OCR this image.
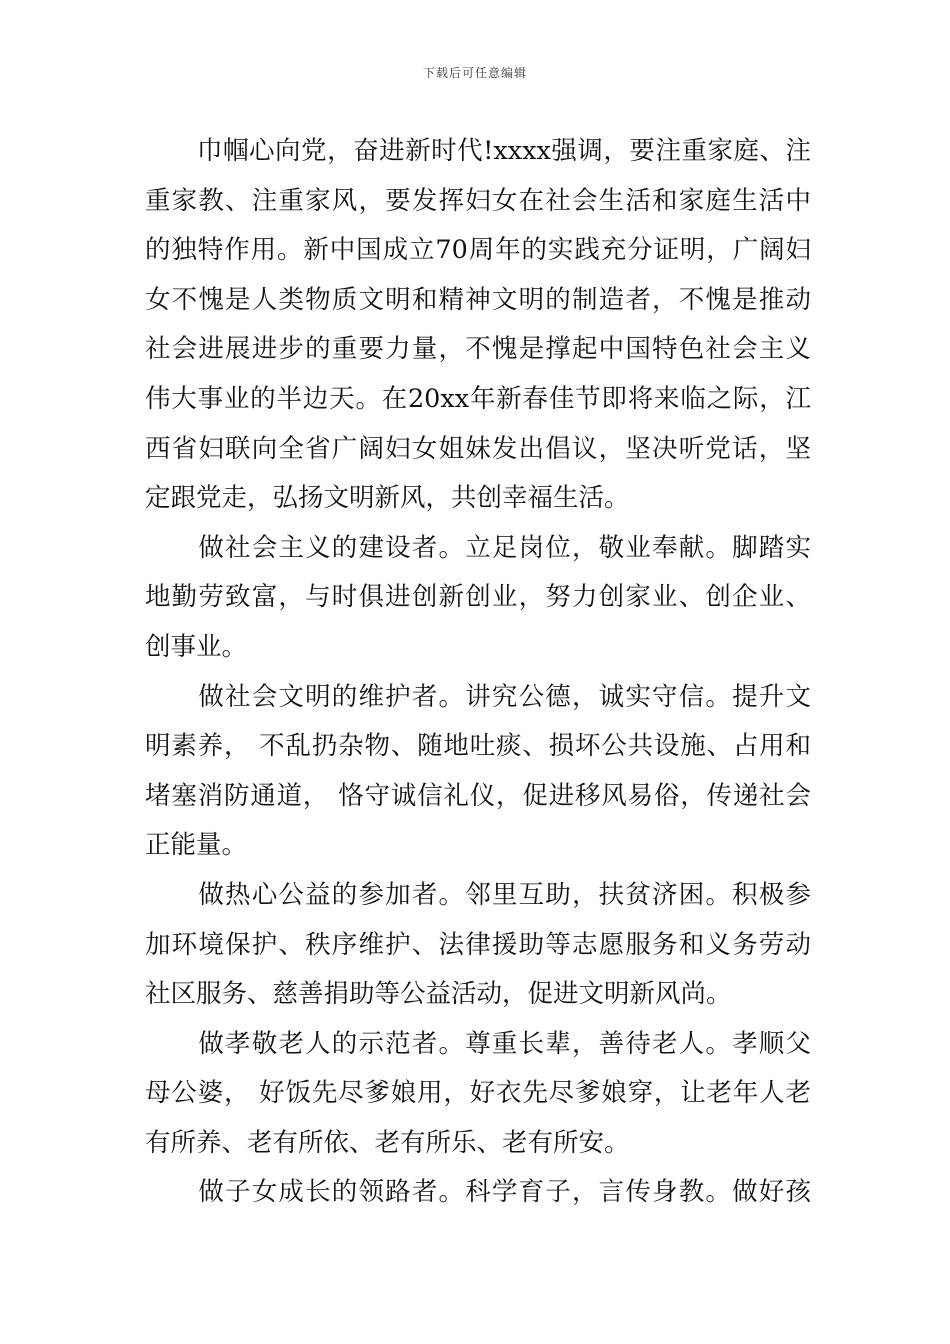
下载后可任意编辑
　　巾帼心向党，奋进新时代!xxxx强调，要注重家庭、注
重家教、注重家风，要发挥妇女在社会生活和家庭生活中
的独特作用。新中国成立70周年的实践充分证明，广阔妇
女不愧是人类物质文明和精神文明的制造者，不愧是推动
社会进展进步的重要力量，不愧是撑起中国特色社会主义
伟大事业的半边天。在20xx年新春佳节即将来临之际，江
西省妇联向全省广阔妇女姐妹发出倡议，坚决听党话，坚
定跟党走，弘扬文明新风，共创幸福生活。
　　做社会主义的建设者。立足岗位，敬业奉献。脚踏实
地勤劳致富，与时俱进创新创业，努力创家业、创企业、
创事业。
　　做社会文明的维护者。讲究公德，诚实守信。提升文
明素养， 不乱扔杂物、随地吐痰、损坏公共设施、占用和
堵塞消防通道， 恪守诚信礼仪，促进移风易俗，传递社会
正能量。
　　做热心公益的参加者。邻里互助，扶贫济困。积极参
加环境保护、秩序维护、法律援助等志愿服务和义务劳动
社区服务、慈善捐助等公益活动，促进文明新风尚。
　　做孝敬老人的示范者。尊重长辈，善待老人。孝顺父
母公婆， 好饭先尽爹娘用，好衣先尽爹娘穿，让老年人老
有所养、老有所依、老有所乐、老有所安。
　　做子女成长的领路者。科学育子，言传身教。做好孩
